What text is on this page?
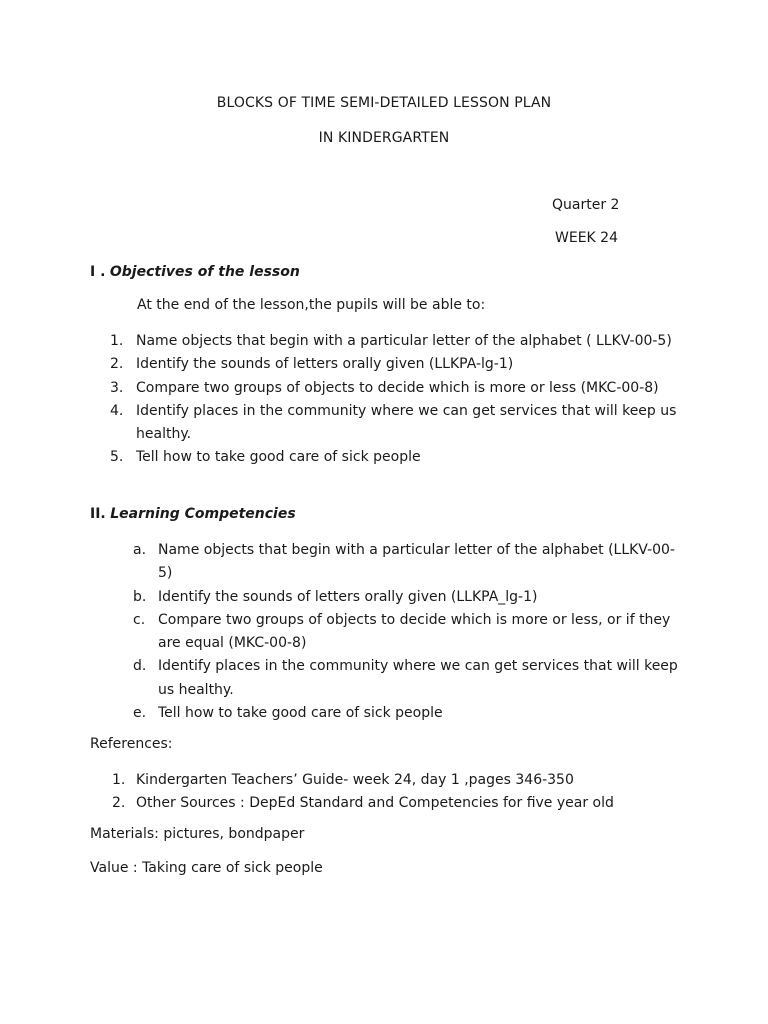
BLOCKS OF TIME SEMI-DETAILED LESSON PLAN
IN KINDERGARTEN
Quarter 2
WEEK 24
I . Objectives of the lesson
At the end of the lesson,the pupils will be able to:
1. Name objects that begin with a particular letter of the alphabet ( LLKV-00-5)
2. Identify the sounds of letters orally given (LLKPA-lg-1)
3. Compare two groups of objects to decide which is more or less (MKC-00-8)
4. Identify places in the community where we can get services that will keep us healthy.
5. Tell how to take good care of sick people
II. Learning Competencies
a. Name objects that begin with a particular letter of the alphabet (LLKV-00-5)
b. Identify the sounds of letters orally given (LLKPA_lg-1)
c. Compare two groups of objects to decide which is more or less, or if they are equal (MKC-00-8)
d. Identify places in the community where we can get services that will keep us healthy.
e. Tell how to take good care of sick people
References:
1. Kindergarten Teachers’ Guide- week 24, day 1 ,pages 346-350
2. Other Sources : DepEd Standard and Competencies for five year old
Materials: pictures, bondpaper
Value : Taking care of sick people
